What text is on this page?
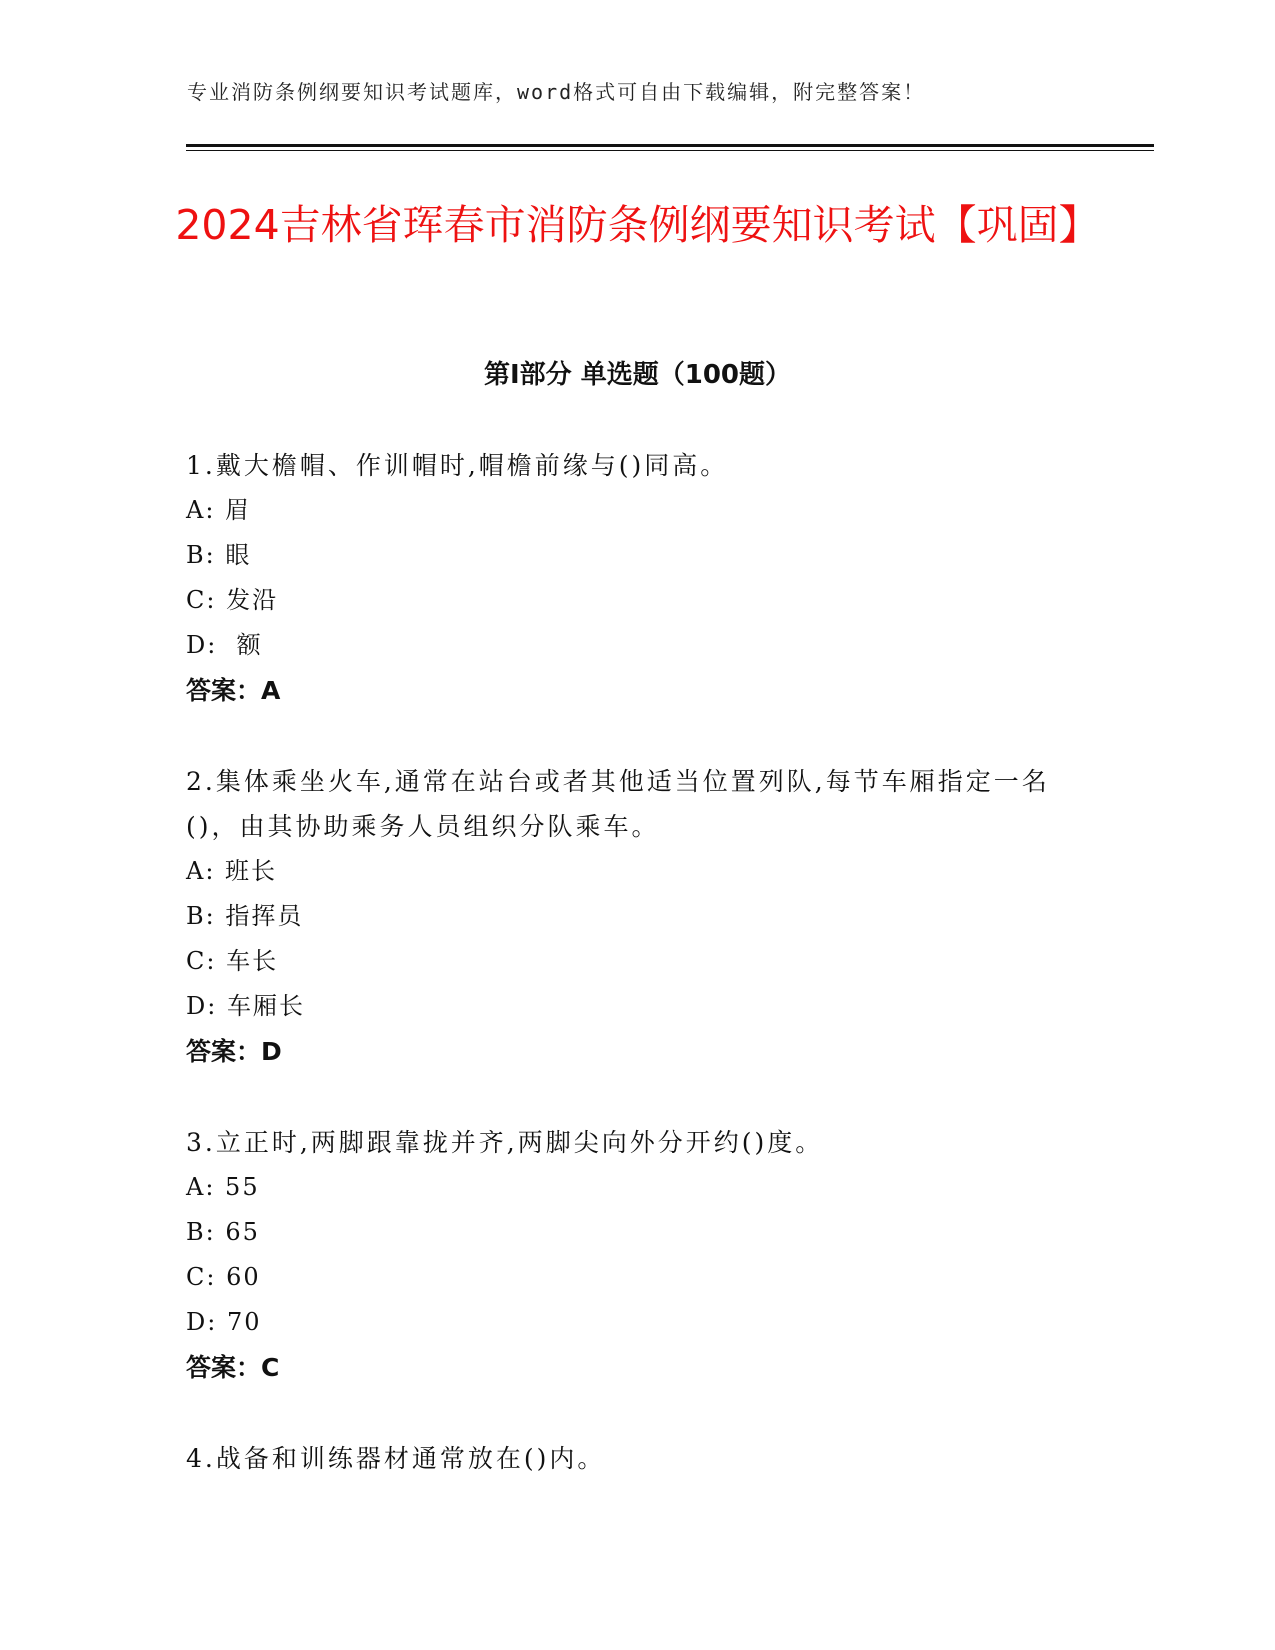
专业消防条例纲要知识考试题库，word格式可自由下载编辑，附完整答案！
2024吉林省珲春市消防条例纲要知识考试【巩固】
第Ⅰ部分 单选题（100题）
1.戴大檐帽、作训帽时,帽檐前缘与()同高。
A: 眉
B: 眼
C: 发沿
D:  额
答案：A
2.集体乘坐火车,通常在站台或者其他适当位置列队,每节车厢指定一名()，由其协助乘务人员组织分队乘车。
A: 班长
B: 指挥员
C: 车长
D: 车厢长
答案：D
3.立正时,两脚跟靠拢并齐,两脚尖向外分开约()度。
A: 55
B: 65
C: 60
D: 70
答案：C
4.战备和训练器材通常放在()内。
